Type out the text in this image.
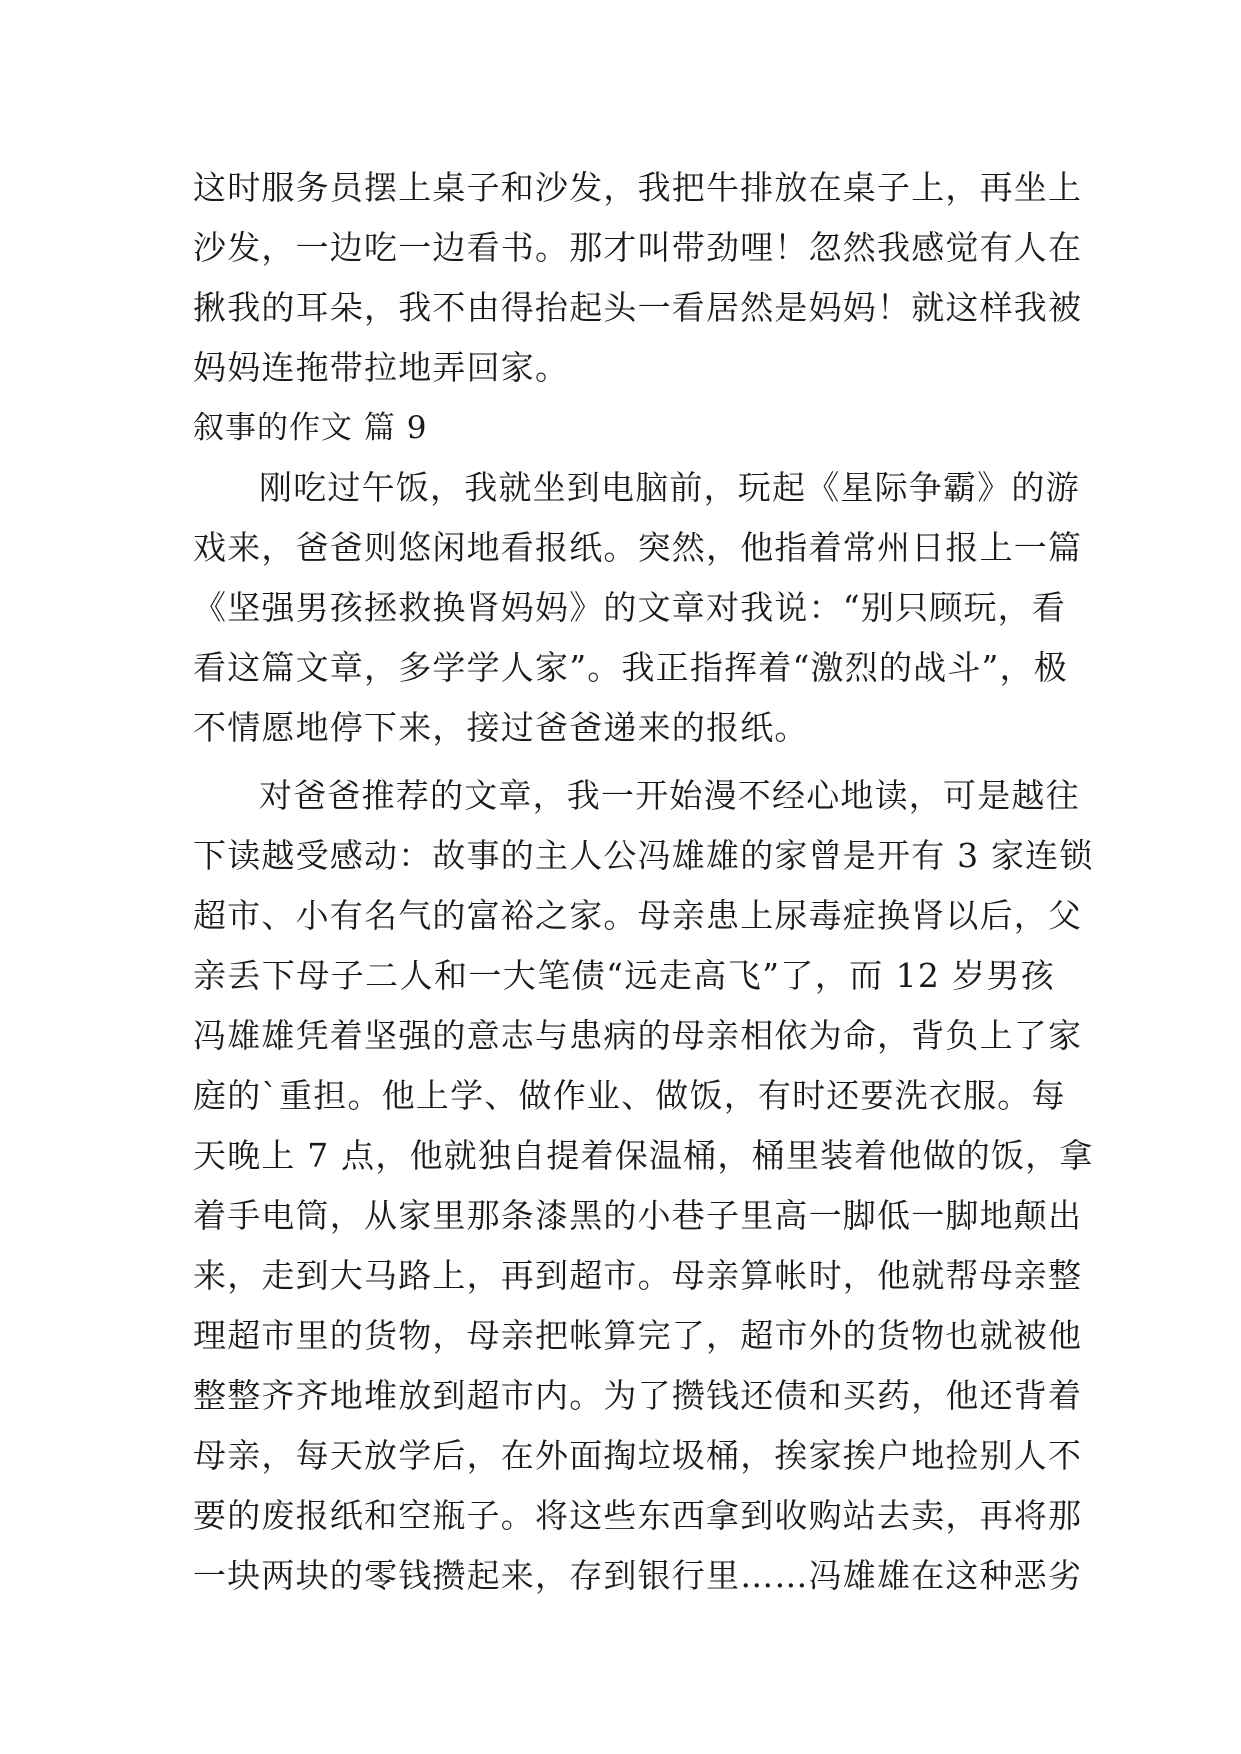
这时服务员摆上桌子和沙发，我把牛排放在桌子上，再坐上
沙发，一边吃一边看书。那才叫带劲哩！忽然我感觉有人在
揪我的耳朵，我不由得抬起头一看居然是妈妈！就这样我被
妈妈连拖带拉地弄回家。
叙事的作文 篇 9
刚吃过午饭，我就坐到电脑前，玩起《星际争霸》的游
戏来，爸爸则悠闲地看报纸。突然，他指着常州日报上一篇
《坚强男孩拯救换肾妈妈》的文章对我说：“别只顾玩，看
看这篇文章，多学学人家”。我正指挥着“激烈的战斗”，极
不情愿地停下来，接过爸爸递来的报纸。
对爸爸推荐的文章，我一开始漫不经心地读，可是越往
下读越受感动：故事的主人公冯雄雄的家曾是开有 3 家连锁
超市、小有名气的富裕之家。母亲患上尿毒症换肾以后，父
亲丢下母子二人和一大笔债“远走高飞”了，而 12 岁男孩
冯雄雄凭着坚强的意志与患病的母亲相依为命，背负上了家
庭的`重担。他上学、做作业、做饭，有时还要洗衣服。每
天晚上 7 点，他就独自提着保温桶，桶里装着他做的饭，拿
着手电筒，从家里那条漆黑的小巷子里高一脚低一脚地颠出
来，走到大马路上，再到超市。母亲算帐时，他就帮母亲整
理超市里的货物，母亲把帐算完了，超市外的货物也就被他
整整齐齐地堆放到超市内。为了攒钱还债和买药，他还背着
母亲，每天放学后，在外面掏垃圾桶，挨家挨户地捡别人不
要的废报纸和空瓶子。将这些东西拿到收购站去卖，再将那
一块两块的零钱攒起来，存到银行里……冯雄雄在这种恶劣
